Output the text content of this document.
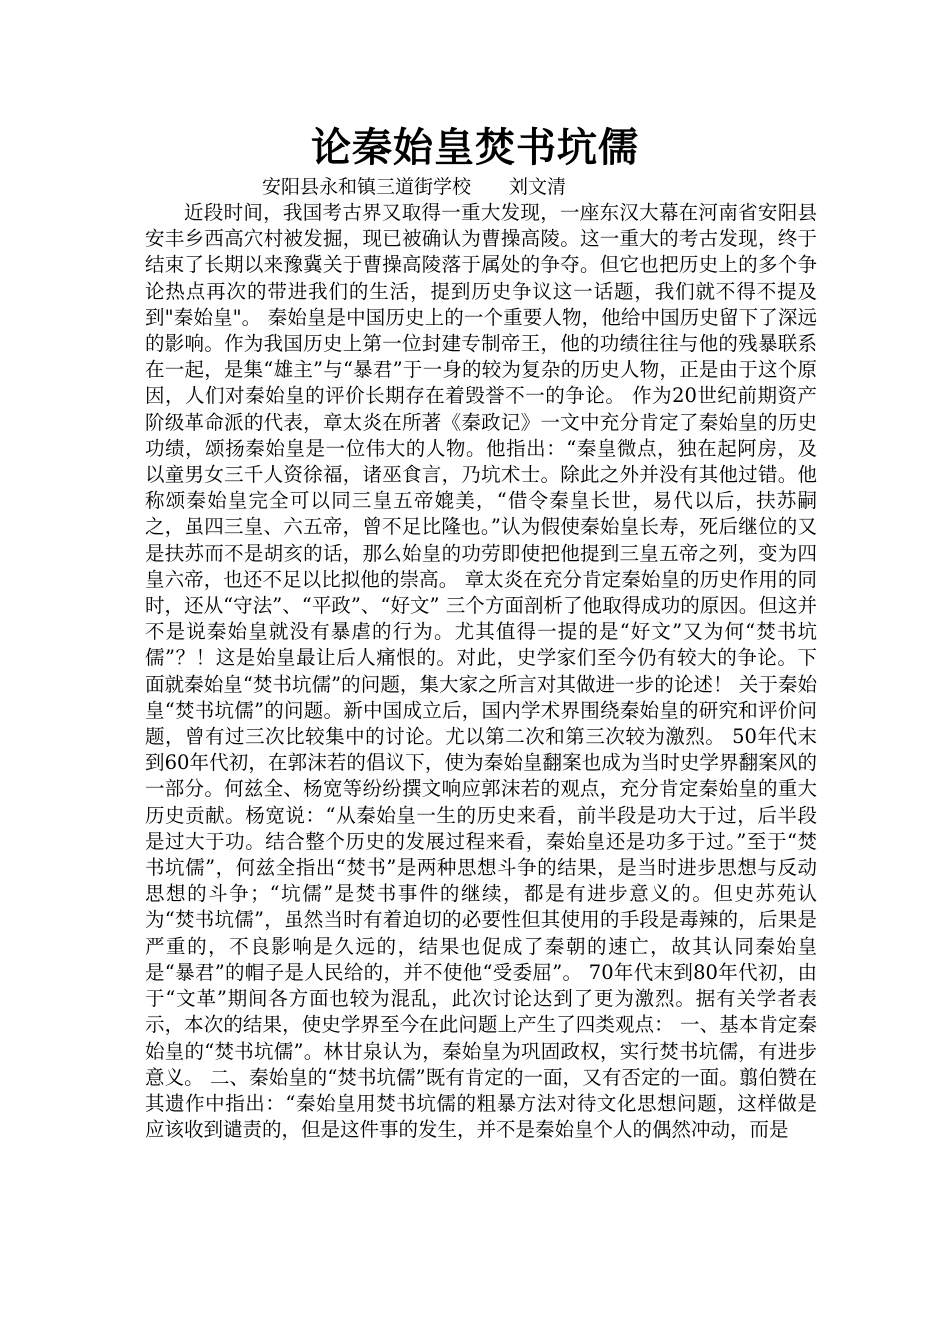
论秦始皇焚书坑儒
安阳县永和镇三道街学校　　刘文清
近段时间，我国考古界又取得一重大发现，一座东汉大幕在河南省安阳县安丰乡西高穴村被发掘，现已被确认为曹操高陵。这一重大的考古发现，终于结束了长期以来豫冀关于曹操高陵落于属处的争夺。但它也把历史上的多个争论热点再次的带进我们的生活，提到历史争议这一话题，我们就不得不提及到"秦始皇"。 秦始皇是中国历史上的一个重要人物，他给中国历史留下了深远的影响。作为我国历史上第一位封建专制帝王，他的功绩往往与他的残暴联系在一起，是集“雄主”与“暴君”于一身的较为复杂的历史人物，正是由于这个原因，人们对秦始皇的评价长期存在着毁誉不一的争论。 作为20世纪前期资产阶级革命派的代表，章太炎在所著《秦政记》一文中充分肯定了秦始皇的历史功绩，颂扬秦始皇是一位伟大的人物。他指出：“秦皇微点，独在起阿房，及以童男女三千人资徐福，诸巫食言，乃坑术士。除此之外并没有其他过错。他称颂秦始皇完全可以同三皇五帝媲美，“借令秦皇长世，易代以后，扶苏嗣之，虽四三皇、六五帝，曾不足比隆也。”认为假使秦始皇长寿，死后继位的又是扶苏而不是胡亥的话，那么始皇的功劳即使把他提到三皇五帝之列，变为四皇六帝，也还不足以比拟他的崇高。 章太炎在充分肯定秦始皇的历史作用的同时，还从“守法”、“平政”、“好文” 三个方面剖析了他取得成功的原因。但这并不是说秦始皇就没有暴虐的行为。尤其值得一提的是“好文”又为何“焚书坑儒”？！这是始皇最让后人痛恨的。对此，史学家们至今仍有较大的争论。下面就秦始皇“焚书坑儒”的问题，集大家之所言对其做进一步的论述！ 关于秦始皇“焚书坑儒”的问题。新中国成立后，国内学术界围绕秦始皇的研究和评价问题，曾有过三次比较集中的讨论。尤以第二次和第三次较为激烈。 50年代末到60年代初，在郭沫若的倡议下，使为秦始皇翻案也成为当时史学界翻案风的一部分。何兹全、杨宽等纷纷撰文响应郭沫若的观点，充分肯定秦始皇的重大历史贡献。杨宽说：“从秦始皇一生的历史来看，前半段是功大于过，后半段是过大于功。结合整个历史的发展过程来看，秦始皇还是功多于过。”至于“焚书坑儒”，何兹全指出“焚书”是两种思想斗争的结果，是当时进步思想与反动思想的斗争；“坑儒”是焚书事件的继续，都是有进步意义的。但史苏苑认为“焚书坑儒”，虽然当时有着迫切的必要性但其使用的手段是毒辣的，后果是严重的，不良影响是久远的，结果也促成了秦朝的速亡，故其认同秦始皇是“暴君”的帽子是人民给的，并不使他“受委屈”。 70年代末到80年代初，由于“文革”期间各方面也较为混乱，此次讨论达到了更为激烈。据有关学者表示，本次的结果，使史学界至今在此问题上产生了四类观点： 一、基本肯定秦始皇的“焚书坑儒”。林甘泉认为，秦始皇为巩固政权，实行焚书坑儒，有进步意义。 二、秦始皇的“焚书坑儒”既有肯定的一面，又有否定的一面。翦伯赞在其遗作中指出：“秦始皇用焚书坑儒的粗暴方法对待文化思想问题，这样做是应该收到谴责的，但是这件事的发生，并不是秦始皇个人的偶然冲动，而是
